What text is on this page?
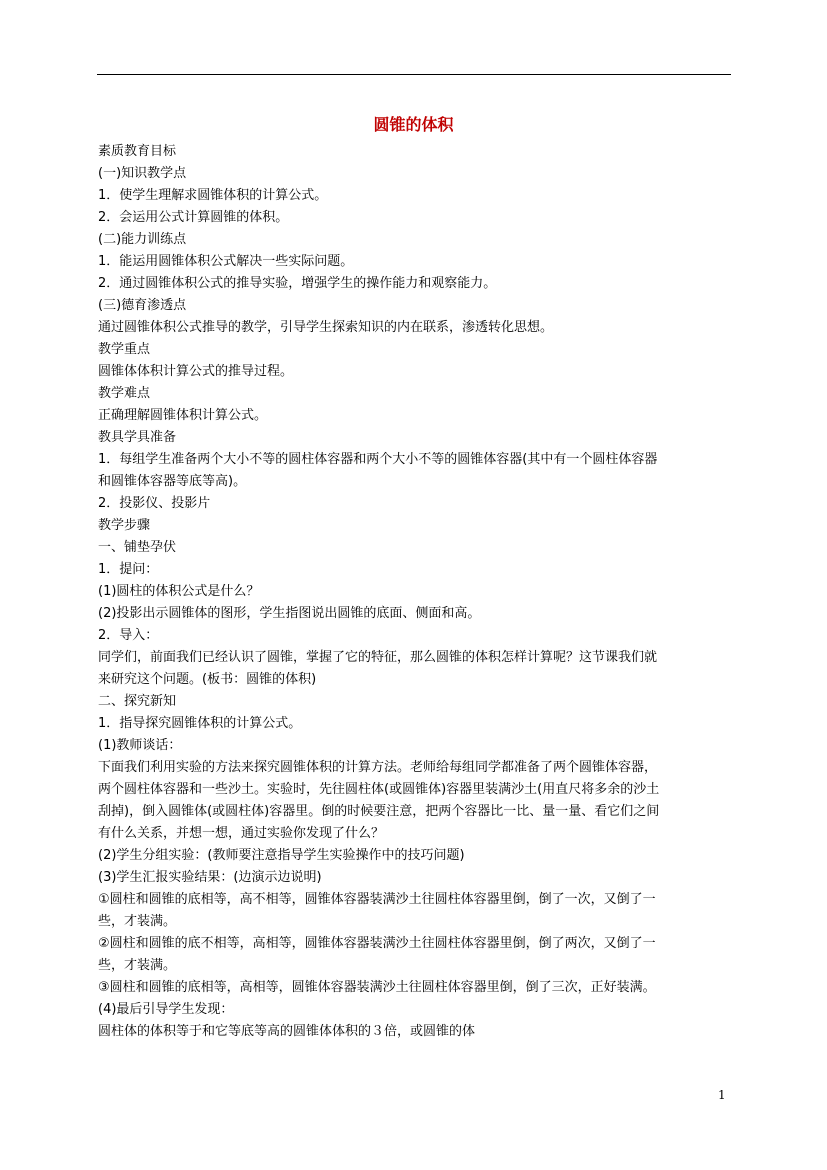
圆锥的体积
素质教育目标
(一)知识教学点
1．使学生理解求圆锥体积的计算公式。
2．会运用公式计算圆锥的体积。
(二)能力训练点
1．能运用圆锥体积公式解决一些实际问题。
2．通过圆锥体积公式的推导实验，增强学生的操作能力和观察能力。
(三)德育渗透点
通过圆锥体积公式推导的教学，引导学生探索知识的内在联系，渗透转化思想。
教学重点
圆锥体体积计算公式的推导过程。
教学难点
正确理解圆锥体积计算公式。
教具学具准备
1．每组学生准备两个大小不等的圆柱体容器和两个大小不等的圆锥体容器(其中有一个圆柱体容器
和圆锥体容器等底等高)。
2．投影仪、投影片
教学步骤
一、铺垫孕伏
1．提问：
(1)圆柱的体积公式是什么？
(2)投影出示圆锥体的图形，学生指图说出圆锥的底面、侧面和高。
2．导入：
同学们，前面我们已经认识了圆锥，掌握了它的特征，那么圆锥的体积怎样计算呢？这节课我们就
来研究这个问题。(板书：圆锥的体积)
二、探究新知
1．指导探究圆锥体积的计算公式。
(1)教师谈话：
下面我们利用实验的方法来探究圆锥体积的计算方法。老师给每组同学都准备了两个圆锥体容器，
两个圆柱体容器和一些沙土。实验时，先往圆柱体(或圆锥体)容器里装满沙土(用直尺将多余的沙土
刮掉)，倒入圆锥体(或圆柱体)容器里。倒的时候要注意，把两个容器比一比、量一量、看它们之间
有什么关系，并想一想，通过实验你发现了什么？
(2)学生分组实验：(教师要注意指导学生实验操作中的技巧问题)
(3)学生汇报实验结果：(边演示边说明)
①圆柱和圆锥的底相等，高不相等，圆锥体容器装满沙土往圆柱体容器里倒，倒了一次，又倒了一
些，才装满。
②圆柱和圆锥的底不相等，高相等，圆锥体容器装满沙土往圆柱体容器里倒，倒了两次，又倒了一
些，才装满。
③圆柱和圆锥的底相等，高相等，圆锥体容器装满沙土往圆柱体容器里倒，倒了三次，正好装满。
(4)最后引导学生发现：
圆柱体的体积等于和它等底等高的圆锥体体积的３倍，或圆锥的体
1
